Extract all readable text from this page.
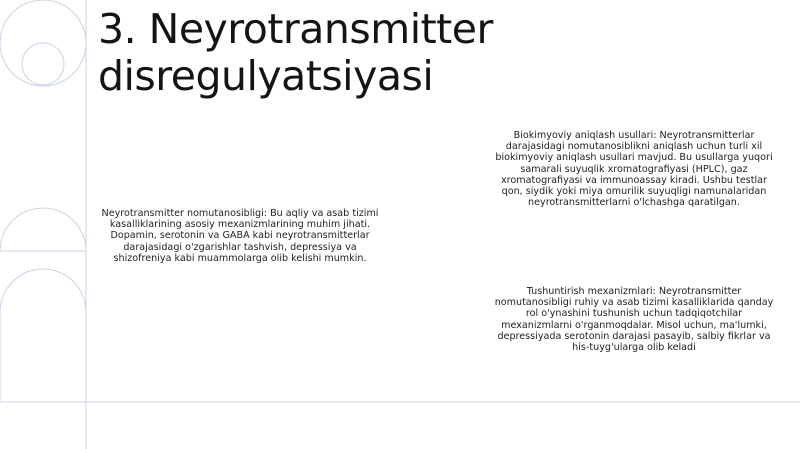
3. Neyrotransmitter disregulyatsiyasi

Neyrotransmitter nomutanosibligi: Bu aqliy va asab tizimi kasalliklarining asosiy mexanizmlarining muhim jihati. Dopamin, serotonin va GABA kabi neyrotransmitterlar darajasidagi o'zgarishlar tashvish, depressiya va shizofreniya kabi muammolarga olib kelishi mumkin.

Biokimyoviy aniqlash usullari: Neyrotransmitterlar darajasidagi nomutanosiblikni aniqlash uchun turli xil biokimyoviy aniqlash usullari mavjud. Bu usullarga yuqori samarali suyuqlik xromatografiyasi (HPLC), gaz xromatografiyasi va immunoassay kiradi. Ushbu testlar qon, siydik yoki miya omurilik suyuqligi namunalaridan neyrotransmitterlarni o'lchashga qaratilgan.

Tushuntirish mexanizmlari: Neyrotransmitter nomutanosibligi ruhiy va asab tizimi kasalliklarida qanday rol o'ynashini tushunish uchun tadqiqotchilar mexanizmlarni o'rganmoqdalar. Misol uchun, ma'lumki, depressiyada serotonin darajasi pasayib, salbiy fikrlar va his-tuyg'ularga olib keladi
